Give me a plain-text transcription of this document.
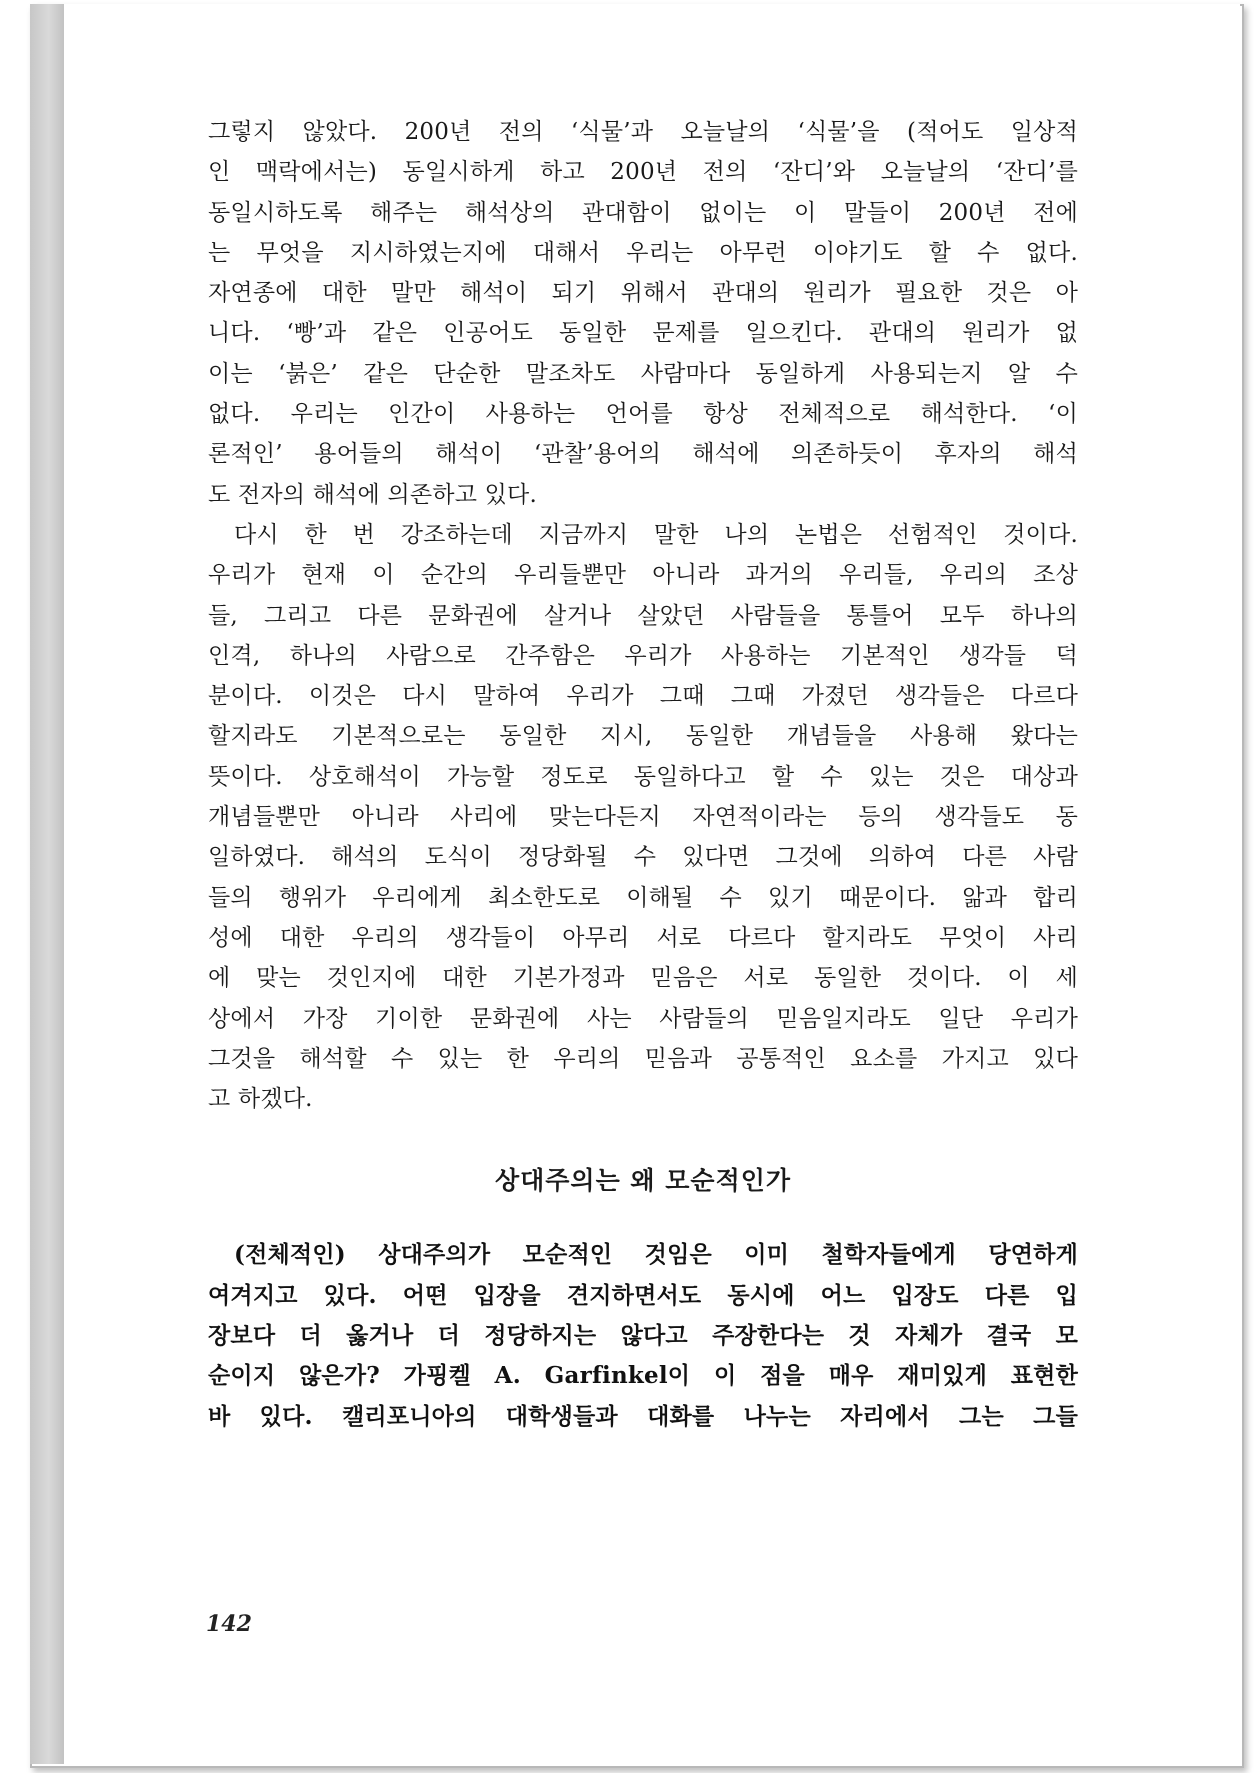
그렇지 않았다. 200년 전의 ‘식물’과 오늘날의 ‘식물’을 (적어도 일상적
인 맥락에서는) 동일시하게 하고 200년 전의 ‘잔디’와 오늘날의 ‘잔디’를
동일시하도록 해주는 해석상의 관대함이 없이는 이 말들이 200년 전에
는 무엇을 지시하였는지에 대해서 우리는 아무런 이야기도 할 수 없다.
자연종에 대한 말만 해석이 되기 위해서 관대의 원리가 필요한 것은 아
니다. ‘빵’과 같은 인공어도 동일한 문제를 일으킨다. 관대의 원리가 없
이는 ‘붉은’ 같은 단순한 말조차도 사람마다 동일하게 사용되는지 알 수
없다. 우리는 인간이 사용하는 언어를 항상 전체적으로 해석한다. ‘이
론적인’ 용어들의 해석이 ‘관찰’용어의 해석에 의존하듯이 후자의 해석
도 전자의 해석에 의존하고 있다.
다시 한 번 강조하는데 지금까지 말한 나의 논법은 선험적인 것이다.
우리가 현재 이 순간의 우리들뿐만 아니라 과거의 우리들, 우리의 조상
들, 그리고 다른 문화권에 살거나 살았던 사람들을 통틀어 모두 하나의
인격, 하나의 사람으로 간주함은 우리가 사용하는 기본적인 생각들 덕
분이다. 이것은 다시 말하여 우리가 그때 그때 가졌던 생각들은 다르다
할지라도 기본적으로는 동일한 지시, 동일한 개념들을 사용해 왔다는
뜻이다. 상호해석이 가능할 정도로 동일하다고 할 수 있는 것은 대상과
개념들뿐만 아니라 사리에 맞는다든지 자연적이라는 등의 생각들도 동
일하였다. 해석의 도식이 정당화될 수 있다면 그것에 의하여 다른 사람
들의 행위가 우리에게 최소한도로 이해될 수 있기 때문이다. 앎과 합리
성에 대한 우리의 생각들이 아무리 서로 다르다 할지라도 무엇이 사리
에 맞는 것인지에 대한 기본가정과 믿음은 서로 동일한 것이다. 이 세
상에서 가장 기이한 문화권에 사는 사람들의 믿음일지라도 일단 우리가
그것을 해석할 수 있는 한 우리의 믿음과 공통적인 요소를 가지고 있다
고 하겠다.
상대주의는 왜 모순적인가
(전체적인) 상대주의가 모순적인 것임은 이미 철학자들에게 당연하게
여겨지고 있다. 어떤 입장을 견지하면서도 동시에 어느 입장도 다른 입
장보다 더 옳거나 더 정당하지는 않다고 주장한다는 것 자체가 결국 모
순이지 않은가? 가핑켈 A. Garfinkel이 이 점을 매우 재미있게 표현한
바 있다. 캘리포니아의 대학생들과 대화를 나누는 자리에서 그는 그들
142
